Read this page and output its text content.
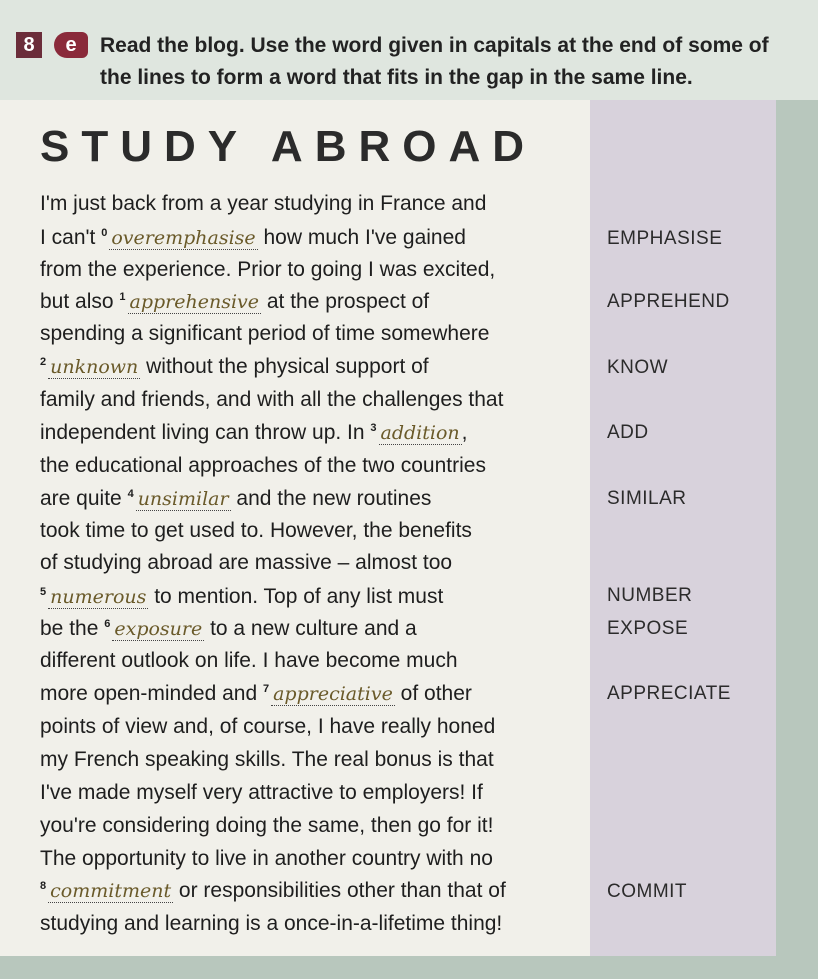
8	e	Read the blog. Use the word given in capitals at the end of some of the lines to form a word that fits in the gap in the same line.
STUDY ABROAD
I'm just back from a year studying in France and
I can't $^0$ overemphasise how much I've gained
from the experience. Prior to going I was excited,
but also $^1$ apprehensive at the prospect of
spending a significant period of time somewhere
$^2$ unknown without the physical support of
family and friends, and with all the challenges that
independent living can throw up. In $^3$ addition,
the educational approaches of the two countries
are quite $^4$ unsimilar and the new routines
took time to get used to. However, the benefits
of studying abroad are massive – almost too
$^5$ numerous to mention. Top of any list must
be the $^6$ exposure to a new culture and a
different outlook on life. I have become much
more open-minded and $^7$ appreciative of other
points of view and, of course, I have really honed
my French speaking skills. The real bonus is that
I've made myself very attractive to employers! If
you're considering doing the same, then go for it!
The opportunity to live in another country with no
$^8$ commitment or responsibilities other than that of
studying and learning is a once-in-a-lifetime thing!
EMPHASISE
APPREHEND
KNOW
ADD
SIMILAR
NUMBER
EXPOSE
APPRECIATE
COMMIT
